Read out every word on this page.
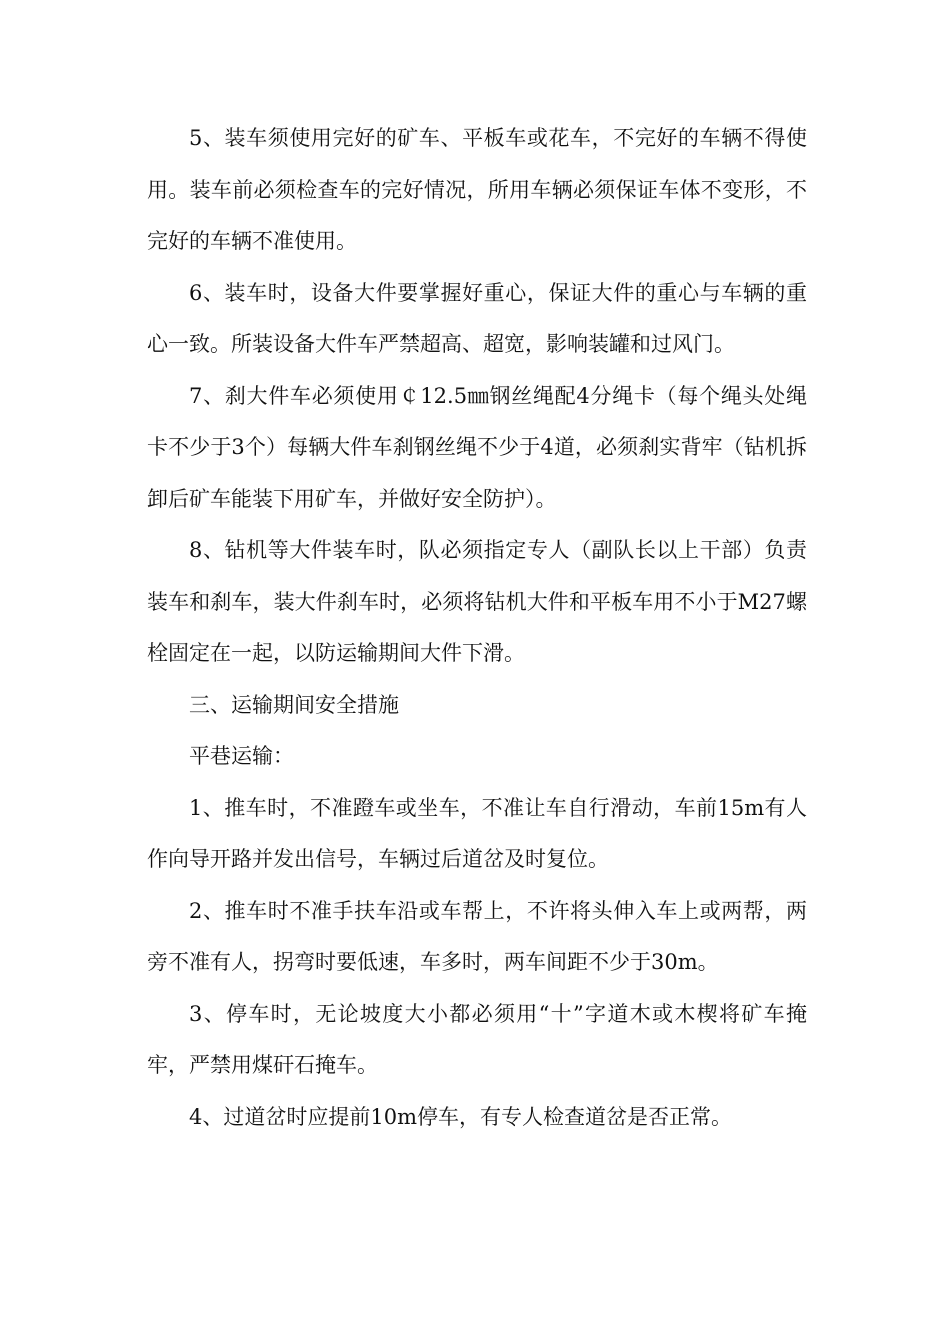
5、装车须使用完好的矿车、平板车或花车，不完好的车辆不得使用。装车前必须检查车的完好情况，所用车辆必须保证车体不变形，不完好的车辆不准使用。

6、装车时，设备大件要掌握好重心，保证大件的重心与车辆的重心一致。所装设备大件车严禁超高、超宽，影响装罐和过风门。

7、刹大件车必须使用￠12.5㎜钢丝绳配4分绳卡（每个绳头处绳卡不少于3个）每辆大件车刹钢丝绳不少于4道，必须刹实背牢（钻机拆卸后矿车能装下用矿车，并做好安全防护）。

8、钻机等大件装车时，队必须指定专人（副队长以上干部）负责装车和刹车，装大件刹车时，必须将钻机大件和平板车用不小于M27螺栓固定在一起，以防运输期间大件下滑。

三、运输期间安全措施

平巷运输：

1、推车时，不准蹬车或坐车，不准让车自行滑动，车前15m有人作向导开路并发出信号，车辆过后道岔及时复位。

2、推车时不准手扶车沿或车帮上，不许将头伸入车上或两帮，两旁不准有人，拐弯时要低速，车多时，两车间距不少于30m。

3、停车时，无论坡度大小都必须用“十”字道木或木楔将矿车掩牢，严禁用煤矸石掩车。

4、过道岔时应提前10m停车，有专人检查道岔是否正常。
